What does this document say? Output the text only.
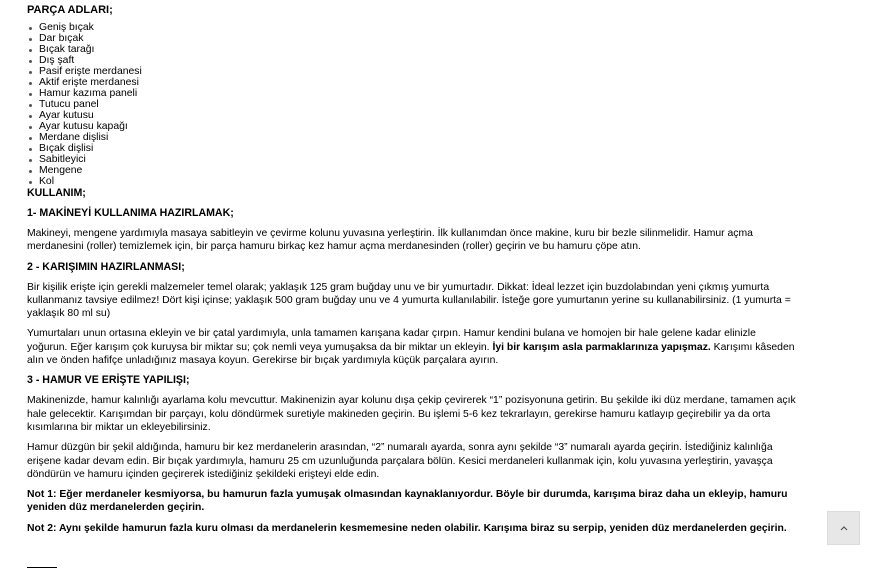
PARÇA ADLARI;
Geniş bıçak
Dar bıçak
Bıçak tarağı
Dış şaft
Pasif erişte merdanesi
Aktif erişte merdanesi
Hamur kazıma paneli
Tutucu panel
Ayar kutusu
Ayar kutusu kapağı
Merdane dişlisi
Bıçak dişlisi
Sabitleyici
Mengene
Kol
KULLANIM;
1- MAKİNEYİ KULLANIMA HAZIRLAMAK;

Makineyi, mengene yardımıyla masaya sabitleyin ve çevirme kolunu yuvasına yerleştirin. İlk kullanımdan önce makine, kuru bir bezle silinmelidir. Hamur açma merdanesini (roller) temizlemek için, bir parça hamuru birkaç kez hamur açma merdanesinden (roller) geçirin ve bu hamuru çöpe atın.

2 - KARIŞIMIN HAZIRLANMASI;

Bir kişilik erişte için gerekli malzemeler temel olarak; yaklaşık 125 gram buğday unu ve bir yumurtadır. Dikkat: İdeal lezzet için buzdolabından yeni çıkmış yumurta kullanmanız tavsiye edilmez! Dört kişi içinse; yaklaşık 500 gram buğday unu ve 4 yumurta kullanılabilir. İsteğe gore yumurtanın yerine su kullanabilirsiniz. (1 yumurta = yaklaşık 80 ml su)

Yumurtaları unun ortasına ekleyin ve bir çatal yardımıyla, unla tamamen karışana kadar çırpın. Hamur kendini bulana ve homojen bir hale gelene kadar elinizle yoğurun. Eğer karışım çok kuruysa bir miktar su; çok nemli veya yumuşaksa da bir miktar un ekleyin. İyi bir karışım asla parmaklarınıza yapışmaz. Karışımı kâseden alın ve önden hafifçe unladığınız masaya koyun. Gerekirse bir bıçak yardımıyla küçük parçalara ayırın.

3 - HAMUR VE ERİŞTE YAPILIŞI;

Makinenizde, hamur kalınlığı ayarlama kolu mevcuttur. Makinenizin ayar kolunu dışa çekip çevirerek “1” pozisyonuna getirin. Bu şekilde iki düz merdane, tamamen açık hale gelecektir. Karışımdan bir parçayı, kolu döndürmek suretiyle makineden geçirin. Bu işlemi 5-6 kez tekrarlayın, gerekirse hamuru katlayıp geçirebilir ya da orta kısımlarına bir miktar un ekleyebilirsiniz.

Hamur düzgün bir şekil aldığında, hamuru bir kez merdanelerin arasından, “2” numaralı ayarda, sonra aynı şekilde “3” numaralı ayarda geçirin. İstediğiniz kalınlığa erişene kadar devam edin. Bir bıçak yardımıyla, hamuru 25 cm uzunluğunda parçalara bölün. Kesici merdaneleri kullanmak için, kolu yuvasına yerleştirin, yavaşça döndürün ve hamuru içinden geçirerek istediğiniz şekildeki erişteyi elde edin.

Not 1: Eğer merdaneler kesmiyorsa, bu hamurun fazla yumuşak olmasından kaynaklanıyordur. Böyle bir durumda, karışıma biraz daha un ekleyip, hamuru yeniden düz merdanelerden geçirin.

Not 2: Aynı şekilde hamurun fazla kuru olması da merdanelerin kesmemesine neden olabilir. Karışıma biraz su serpip, yeniden düz merdanelerden geçirin.
